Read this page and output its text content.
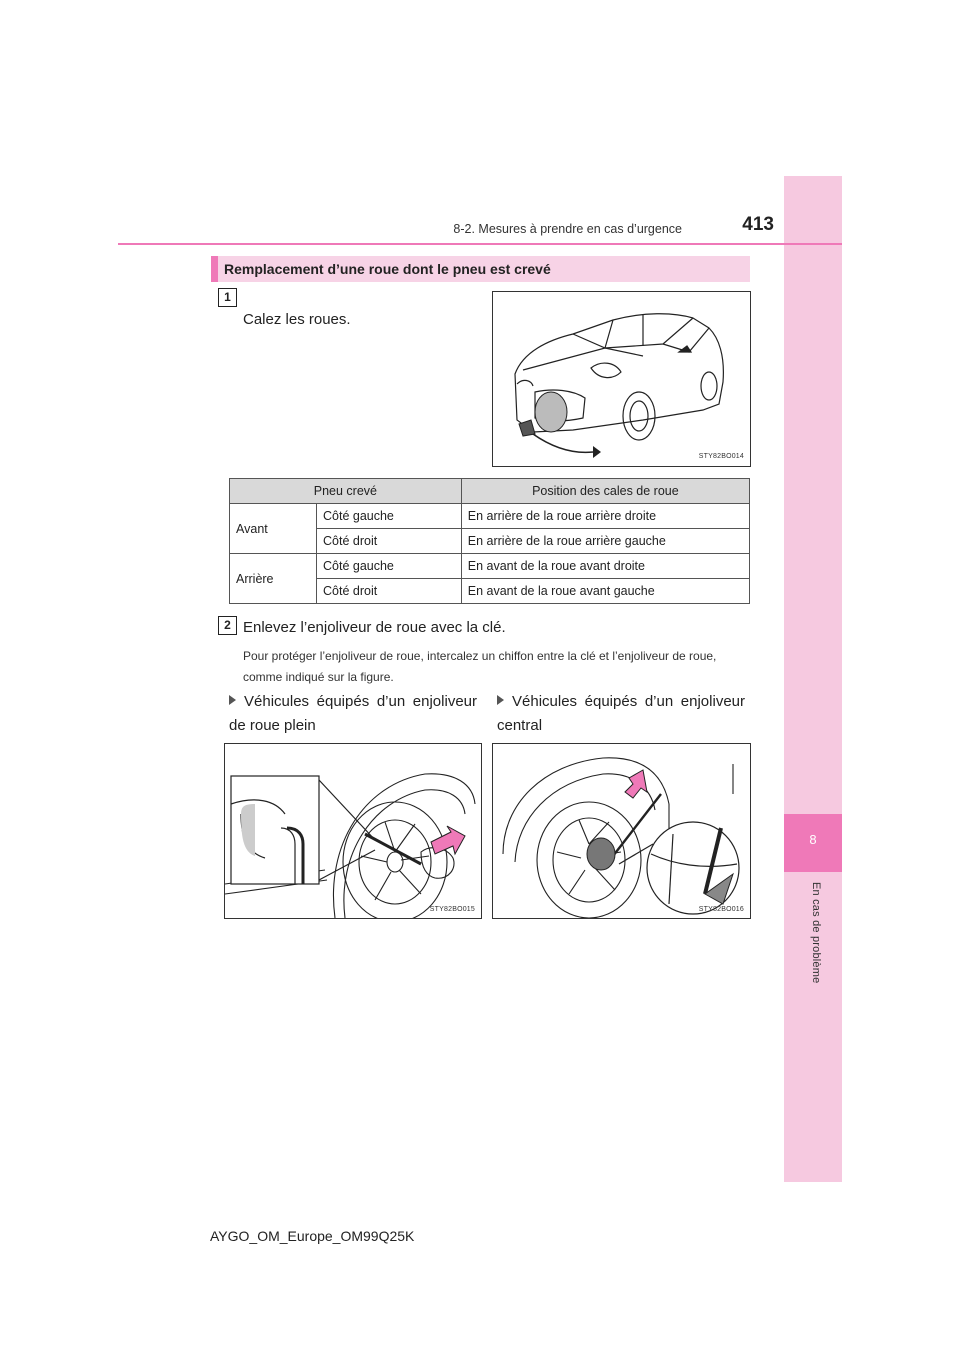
8
En cas de problème
8-2. Mesures à prendre en cas d’urgence	413
Remplacement d’une roue dont le pneu est crevé
1
Calez les roues.
STY82BO014
Pneu crevé		Position des cales de roue
Avant	Côté gauche	En arrière de la roue arrière droite
	Côté droit	En arrière de la roue arrière gauche
Arrière	Côté gauche	En avant de la roue avant droite
	Côté droit	En avant de la roue avant gauche
2 Enlevez l’enjoliveur de roue avec la clé.
Pour protéger l’enjoliveur de roue, intercalez un chiffon entre la clé et l’enjoliveur de roue, comme indiqué sur la figure.
Véhicules équipés d’un enjoliveur de roue plein
Véhicules équipés d’un enjoliveur central
STY82BO015	STY82BO016
AYGO_OM_Europe_OM99Q25K
